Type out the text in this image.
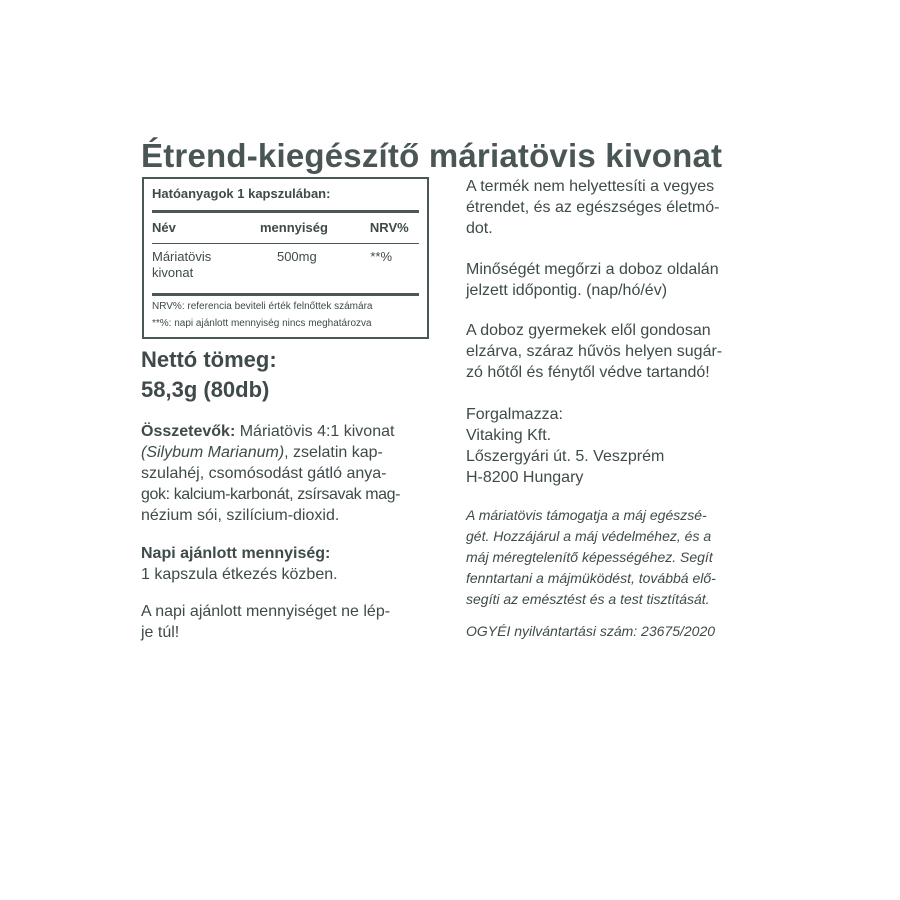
Étrend-kiegészítő máriatövis kivonat
Hatóanyagok 1 kapszulában:
Név	mennyiség	NRV%
Máriatövis
kivonat
500mg	**%
NRV%: referencia beviteli érték felnőttek számára
**%: napi ajánlott mennyiség nincs meghatározva
Nettó tömeg:
58,3g (80db)
Összetevők: Máriatövis 4:1 kivonat
(Silybum Marianum), zselatin kap-
szulahéj, csomósodást gátló anya-
gok: kalcium-karbonát, zsírsavak mag-
nézium sói, szilícium-dioxid.
Napi ajánlott mennyiség:
1 kapszula étkezés közben.
A napi ajánlott mennyiséget ne lép-
je túl!
A termék nem helyettesíti a vegyes
étrendet, és az egészséges életmó-
dot.
Minőségét megőrzi a doboz oldalán
jelzett időpontig. (nap/hó/év)
A doboz gyermekek elől gondosan
elzárva, száraz hűvös helyen sugár-
zó hőtől és fénytől védve tartandó!
Forgalmazza:
Vitaking Kft.
Lőszergyári út. 5. Veszprém
H-8200 Hungary
A máriatövis támogatja a máj egészsé-
gét. Hozzájárul a máj védelméhez, és a
máj méregtelenítő képességéhez. Segít
fenntartani a májmüködést, továbbá elő-
segíti az emésztést és a test tisztítását.
OGYÉI nyilvántartási szám: 23675/2020
